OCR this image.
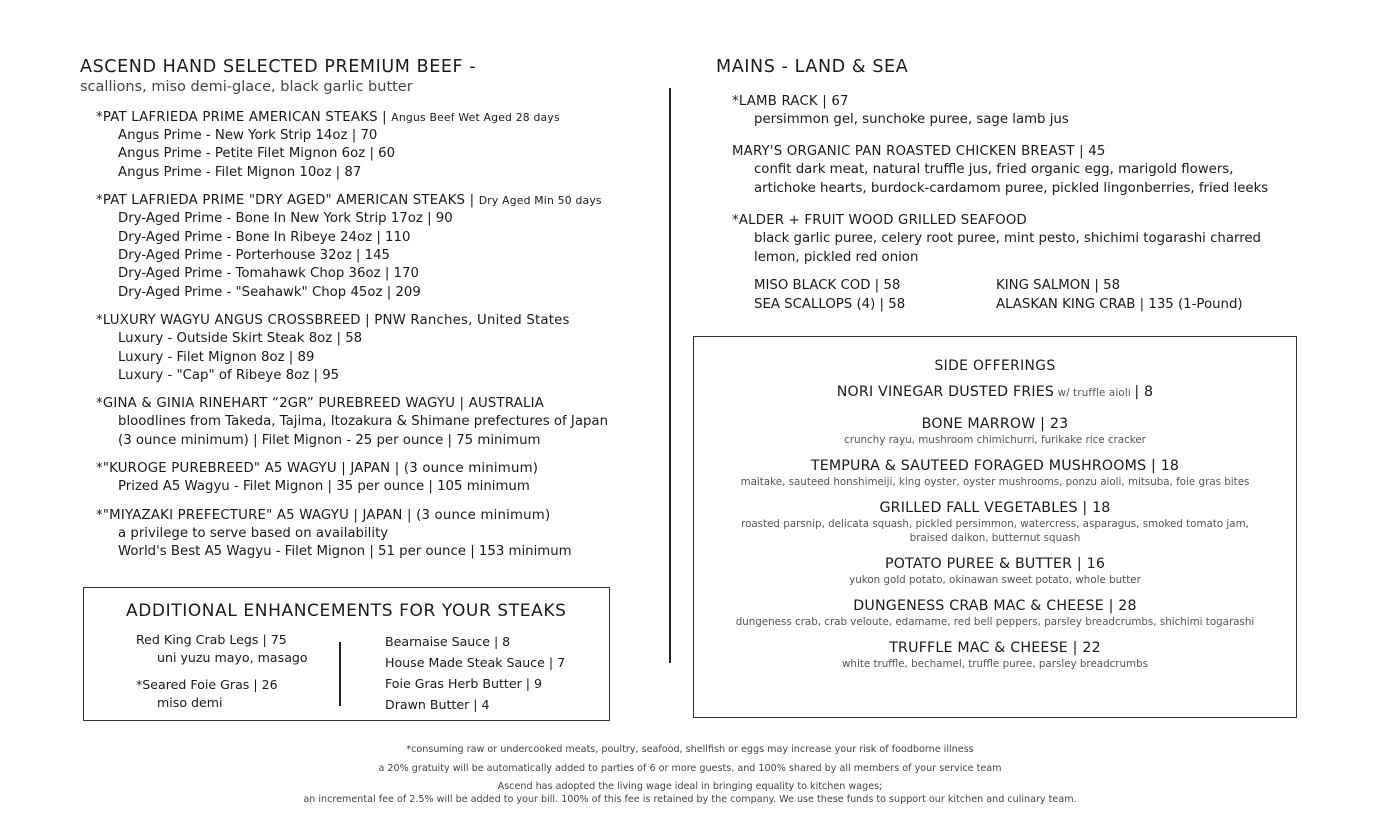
ASCEND HAND SELECTED PREMIUM BEEF -
scallions, miso demi-glace, black garlic butter
*PAT LAFRIEDA PRIME AMERICAN STEAKS | Angus Beef Wet Aged 28 days
Angus Prime - New York Strip 14oz | 70
Angus Prime - Petite Filet Mignon 6oz | 60
Angus Prime - Filet Mignon 10oz | 87
*PAT LAFRIEDA PRIME "DRY AGED" AMERICAN STEAKS | Dry Aged Min 50 days
Dry-Aged Prime - Bone In New York Strip 17oz | 90
Dry-Aged Prime - Bone In Ribeye 24oz | 110
Dry-Aged Prime - Porterhouse 32oz | 145
Dry-Aged Prime - Tomahawk Chop 36oz | 170
Dry-Aged Prime - "Seahawk" Chop 45oz | 209
*LUXURY WAGYU ANGUS CROSSBREED | PNW Ranches, United States
Luxury - Outside Skirt Steak 8oz | 58
Luxury - Filet Mignon 8oz | 89
Luxury - "Cap" of Ribeye 8oz | 95
*GINA & GINIA RINEHART “2GR” PUREBREED WAGYU | AUSTRALIA
bloodlines from Takeda, Tajima, Itozakura & Shimane prefectures of Japan
(3 ounce minimum) | Filet Mignon - 25 per ounce | 75 minimum
*"KUROGE PUREBREED" A5 WAGYU | JAPAN | (3 ounce minimum)
Prized A5 Wagyu - Filet Mignon | 35 per ounce | 105 minimum
*"MIYAZAKI PREFECTURE" A5 WAGYU | JAPAN | (3 ounce minimum)
a privilege to serve based on availability
World's Best A5 Wagyu - Filet Mignon | 51 per ounce | 153 minimum
ADDITIONAL ENHANCEMENTS FOR YOUR STEAKS
Red King Crab Legs | 75
uni yuzu mayo, masago
*Seared Foie Gras | 26
miso demi
Bearnaise Sauce | 8
House Made Steak Sauce | 7
Foie Gras Herb Butter | 9
Drawn Butter | 4
MAINS - LAND & SEA
*LAMB RACK | 67
persimmon gel, sunchoke puree, sage lamb jus
MARY'S ORGANIC PAN ROASTED CHICKEN BREAST | 45
confit dark meat, natural truffle jus, fried organic egg, marigold flowers,
artichoke hearts, burdock-cardamom puree, pickled lingonberries, fried leeks
*ALDER + FRUIT WOOD GRILLED SEAFOOD
black garlic puree, celery root puree, mint pesto, shichimi togarashi charred
lemon, pickled red onion
MISO BLACK COD | 58	KING SALMON | 58
SEA SCALLOPS (4) | 58	ALASKAN KING CRAB | 135 (1-Pound)
SIDE OFFERINGS
NORI VINEGAR DUSTED FRIES w/ truffle aioli | 8
BONE MARROW | 23
crunchy rayu, mushroom chimichurri, furikake rice cracker
TEMPURA & SAUTEED FORAGED MUSHROOMS | 18
maitake, sauteed honshimeiji, king oyster, oyster mushrooms, ponzu aioli, mitsuba, foie gras bites
GRILLED FALL VEGETABLES | 18
roasted parsnip, delicata squash, pickled persimmon, watercress, asparagus, smoked tomato jam, braised daikon, butternut squash
POTATO PUREE & BUTTER | 16
yukon gold potato, okinawan sweet potato, whole butter
DUNGENESS CRAB MAC & CHEESE | 28
dungeness crab, crab veloute, edamame, red bell peppers, parsley breadcrumbs, shichimi togarashi
TRUFFLE MAC & CHEESE | 22
white truffle, bechamel, truffle puree, parsley breadcrumbs
*consuming raw or undercooked meats, poultry, seafood, shellfish or eggs may increase your risk of foodborne illness
a 20% gratuity will be automatically added to parties of 6 or more guests, and 100% shared by all members of your service team
Ascend has adopted the living wage ideal in bringing equality to kitchen wages;
an incremental fee of 2.5% will be added to your bill. 100% of this fee is retained by the company. We use these funds to support our kitchen and culinary team.
